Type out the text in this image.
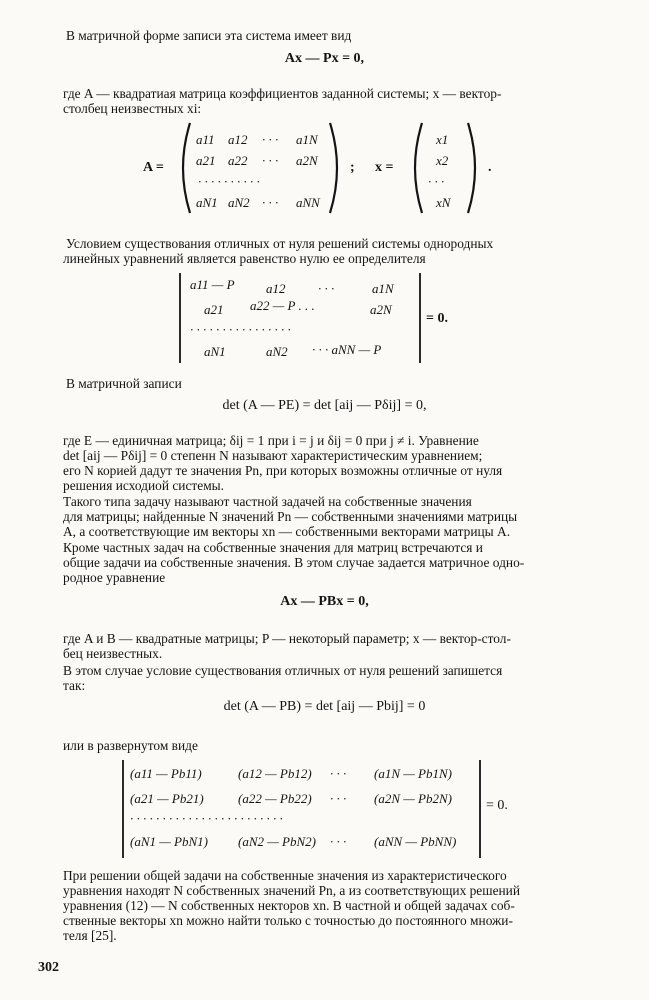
В матричной форме записи эта система имеет вид

Ax — Px = 0,

где A — квадратиая матрица коэффициентов заданной системы; x — вектор-

столбец неизвестных xi:

A =
a11 a12 · · · a1N
a21 a22 · · · a2N
· · · · · · · · · ·
aN1 aN2 · · · aNN
; x =
x1
x2
· · ·
xN
.

Условием существования отличных от нуля решений системы однородных

линейных уравнений является равенство нулю ее определителя

a11 — P a12	· · ·	a1N
a21 a22 — P . . .	a2N
· · · · · · · · · · · · · · · ·
aN1	aN2 · · · aNN — P
= 0.

В матричной записи

det (A — PE) = det [aij — Pδij] = 0,

где E — единичная матрица; δij = 1 при i = j и δij = 0 при j ≠ i. Уравнение

det [aij — Pδij] = 0 степенн N называют характеристическим уравнением;

его N корией дадут те значения Pn, при которых возможны отличные от нуля

решения исходиой системы.

Такого типа задачу называют частной задачей на собственные значения

для матрицы; найденные N значений Pn — собственными значениями матрицы

A, а соответствующие им векторы xn — собственными векторами матрицы A.

Кроме частных задач на собственные значения для матриц встречаются и

общие задачи иа собственные значения. В этом случае задается матричное одно-

родное уравнение

Ax — PBx = 0,

где A и B — квадратные матрицы; P — некоторый параметр; x — вектор-стол-

бец неизвестных.

В этом случае условие существования отличных от нуля решений запишется

так:

det (A — PB) = det [aij — Pbij] = 0

или в развернутом виде

(a11 — Pb11)	(a12 — Pb12) · · · (a1N — Pb1N)
(a21 — Pb21)	(a22 — Pb22) · · · (a2N — Pb2N)
· · · · · · · · · · · · · · · · · · · · · · · ·
(aN1 — PbN1) (aN2 — PbN2) · · · (aNN — PbNN)
= 0.

При решении общей задачи на собственные значения из характеристического

уравнения находят N собственных значений Pn, а из соответствующих решений

уравнения (12) — N собственных некторов xn. В частной и общей задачах соб-

ственные векторы xn можно найти только с точностью до постоянного множи-

теля [25].

302
